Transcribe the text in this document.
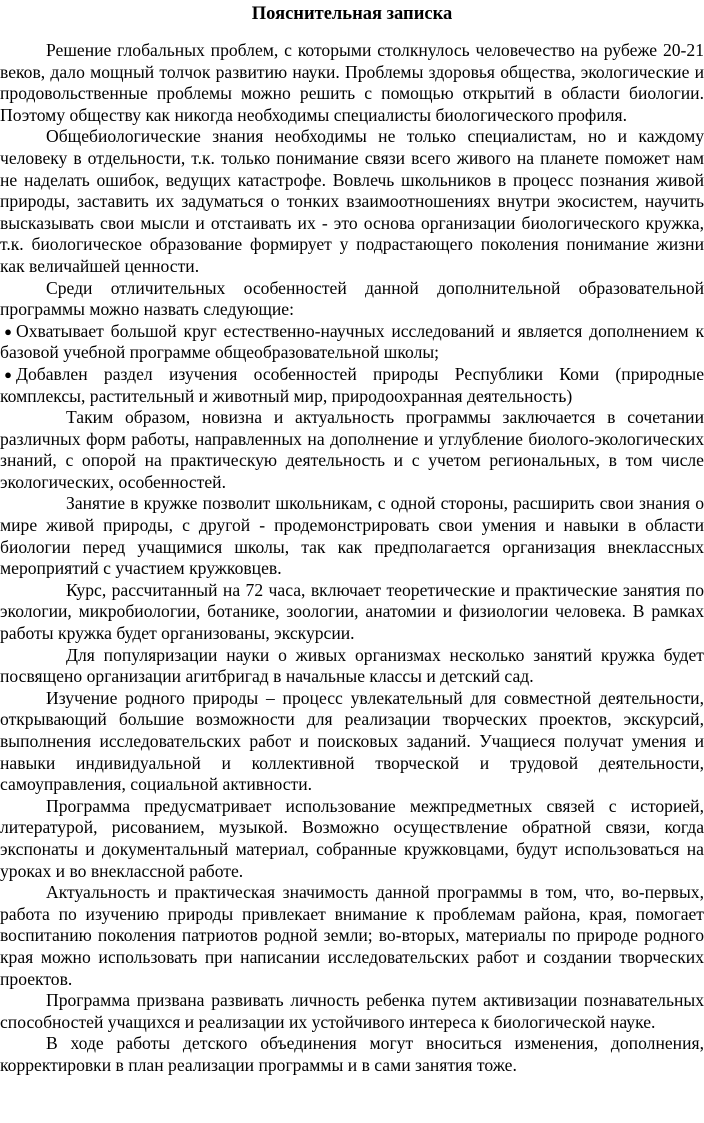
Пояснительная записка

Решение глобальных проблем, с которыми столкнулось человечество на рубеже 20-21 веков, дало мощный толчок развитию науки. Проблемы здоровья общества, экологические и продовольственные проблемы можно решить с помощью открытий в области биологии. Поэтому обществу как никогда необходимы специалисты биологического профиля.

Общебиологические знания необходимы не только специалистам, но и каждому человеку в отдельности, т.к. только понимание связи всего живого на планете поможет нам не наделать ошибок, ведущих катастрофе. Вовлечь школьников в процесс познания живой природы, заставить их задуматься о тонких взаимоотношениях внутри экосистем, научить высказывать свои мысли и отстаивать их - это основа организации биологического кружка, т.к. биологическое образование формирует у подрастающего поколения понимание жизни как величайшей ценности.

Среди отличительных особенностей данной дополнительной образовательной программы можно назвать следующие:

● Охватывает большой круг естественно-научных исследований и является дополнением к базовой учебной программе общеобразовательной школы;

● Добавлен раздел изучения особенностей природы Республики Коми (природные комплексы, растительный и животный мир, природоохранная деятельность)

Таким образом, новизна и актуальность программы заключается в сочетании различных форм работы, направленных на дополнение и углубление биолого-экологических знаний, с опорой на практическую деятельность и с учетом региональных, в том числе экологических, особенностей.

Занятие в кружке позволит школьникам, с одной стороны, расширить свои знания о мире живой природы, с другой - продемонстрировать свои умения и навыки в области биологии перед учащимися школы, так как предполагается организация внеклассных мероприятий с участием кружковцев.

Курс, рассчитанный на 72 часа, включает теоретические и практические занятия по экологии, микробиологии, ботанике, зоологии, анатомии и физиологии человека. В рамках работы кружка будет организованы, экскурсии.

Для популяризации науки о живых организмах несколько занятий кружка будет посвящено организации агитбригад в начальные классы и детский сад.

Изучение родного природы – процесс увлекательный для совместной деятельности, открывающий большие возможности для реализации творческих проектов, экскурсий, выполнения исследовательских работ и поисковых заданий. Учащиеся получат умения и навыки индивидуальной и коллективной творческой и трудовой деятельности, самоуправления, социальной активности.

Программа предусматривает использование межпредметных связей с историей, литературой, рисованием, музыкой. Возможно осуществление обратной связи, когда экспонаты и документальный материал, собранные кружковцами, будут использоваться на уроках и во внеклассной работе.

Актуальность и практическая значимость данной программы в том, что, во-первых, работа по изучению природы привлекает внимание к проблемам района, края, помогает воспитанию поколения патриотов родной земли; во-вторых, материалы по природе родного края можно использовать при написании исследовательских работ и создании творческих проектов.

Программа призвана развивать личность ребенка путем активизации познавательных способностей учащихся и реализации их устойчивого интереса к биологической науке.

В ходе работы детского объединения могут вноситься изменения, дополнения, корректировки в план реализации программы и в сами занятия тоже.
